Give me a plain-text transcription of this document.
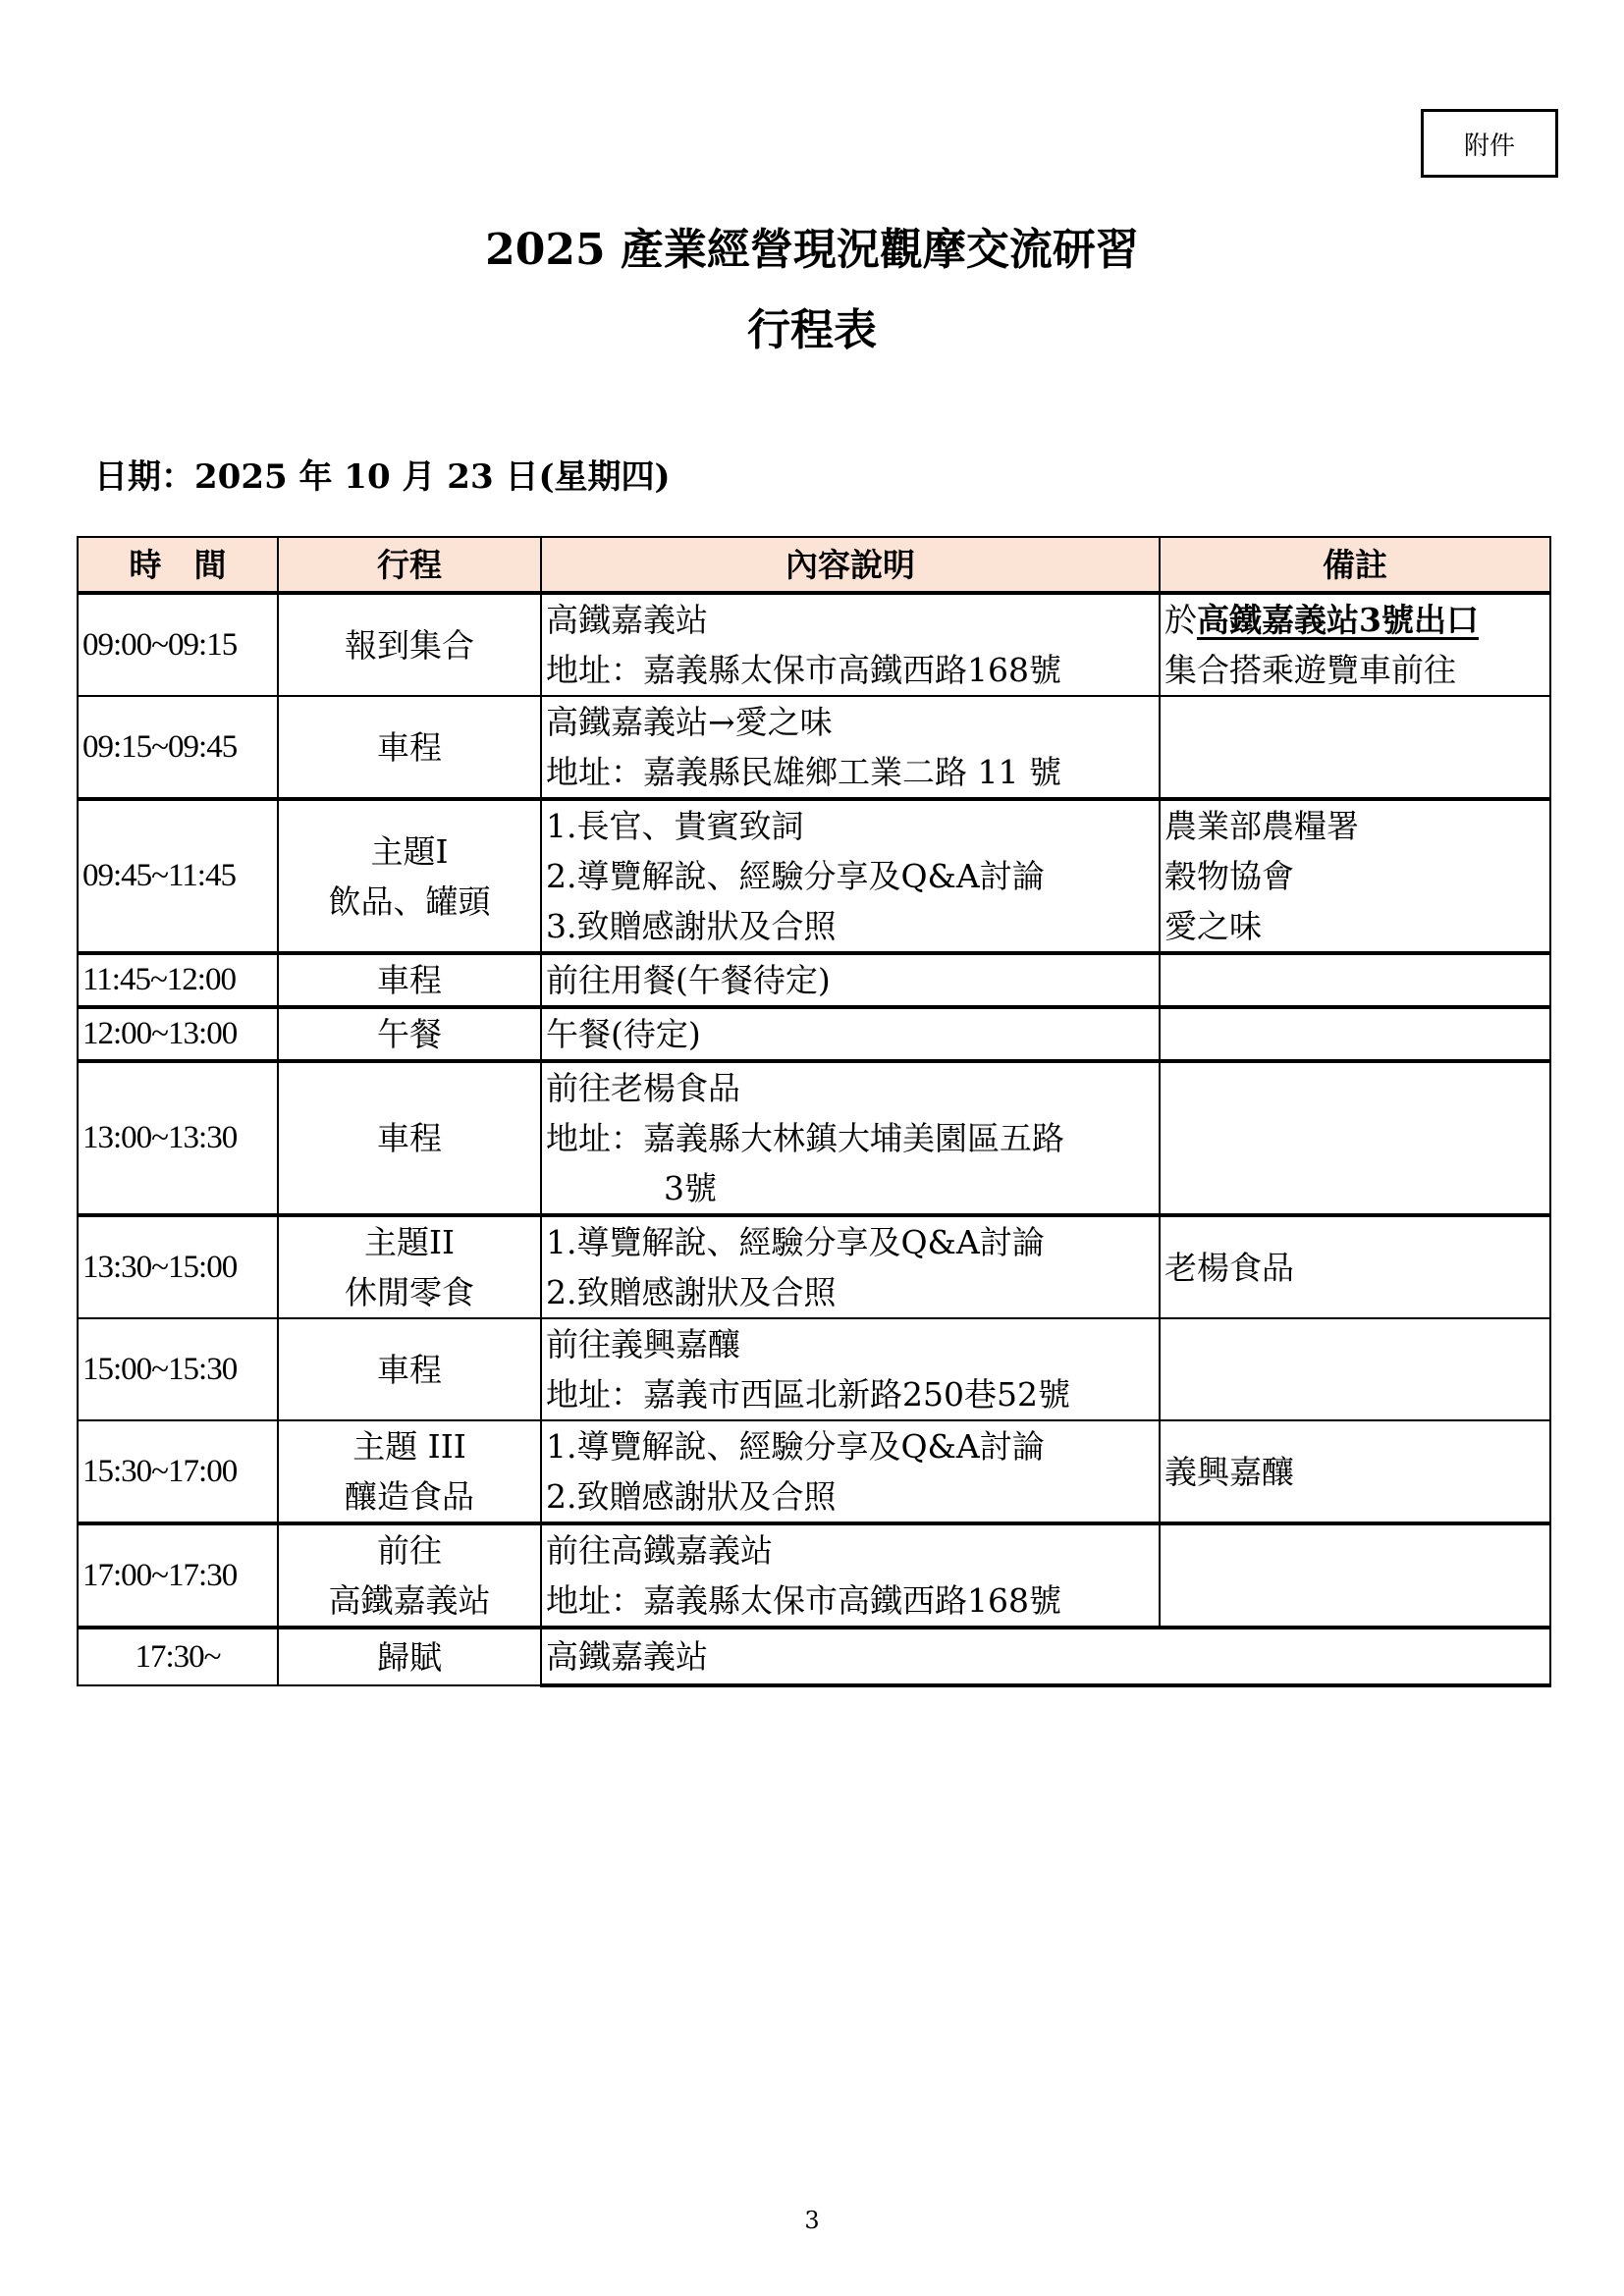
附件
2025 產業經營現況觀摩交流研習
行程表
日期：2025 年 10 月 23 日(星期四)
時　間	行程	內容說明	備註
09:00~09:15	報到集合	高鐵嘉義站
地址：嘉義縣太保市高鐵西路168號	於高鐵嘉義站3號出口
集合搭乘遊覽車前往

09:15~09:45	車程	高鐵嘉義站→愛之味
地址：嘉義縣民雄鄉工業二路 11 號	

09:45~11:45	主題I
飲品、罐頭	1.長官、貴賓致詞
2.導覽解說、經驗分享及Q&A討論
3.致贈感謝狀及合照	農業部農糧署
穀物協會
愛之味

11:45~12:00	車程	前往用餐(午餐待定)	

12:00~13:00	午餐	午餐(待定)	

13:00~13:30	車程	前往老楊食品
地址：嘉義縣大林鎮大埔美園區五路
3號	

13:30~15:00	主題II
休閒零食	1.導覽解說、經驗分享及Q&A討論
2.致贈感謝狀及合照	老楊食品

15:00~15:30	車程	前往義興嘉釀
地址：嘉義市西區北新路250巷52號	

15:30~17:00	主題 III
釀造食品	1.導覽解說、經驗分享及Q&A討論
2.致贈感謝狀及合照	義興嘉釀

17:00~17:30	前往
高鐵嘉義站	前往高鐵嘉義站
地址：嘉義縣太保市高鐵西路168號	

17:30~	歸賦	高鐵嘉義站	
3
